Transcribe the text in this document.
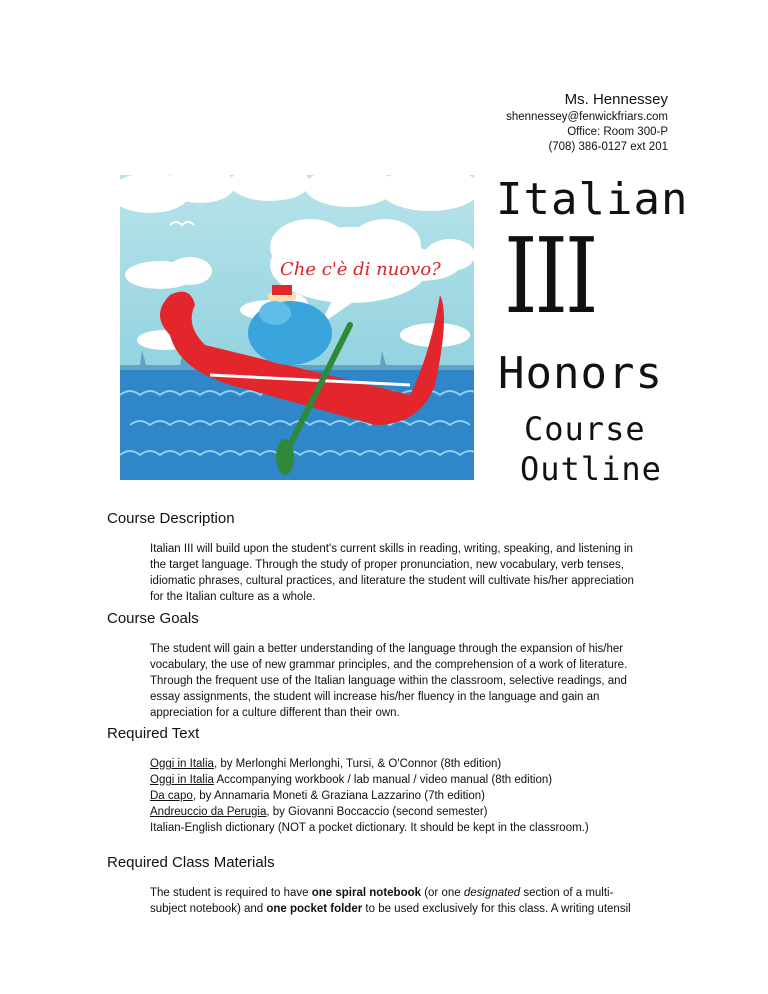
Ms. Hennessey
shennessey@fenwickfriars.com
Office: Room 300-P
(708) 386-0127 ext 201
Che c'è di nuovo?
Italian
III
Honors
Course
Outline
Course Description

Italian III will build upon the student's current skills in reading, writing, speaking, and listening in the target language. Through the study of proper pronunciation, new vocabulary, verb tenses, idiomatic phrases, cultural practices, and literature the student will cultivate his/her appreciation for the Italian culture as a whole.

Course Goals

The student will gain a better understanding of the language through the expansion of his/her vocabulary, the use of new grammar principles, and the comprehension of a work of literature. Through the frequent use of the Italian language within the classroom, selective readings, and essay assignments, the student will increase his/her fluency in the language and gain an appreciation for a culture different than their own.

Required Text

Oggi in Italia, by Merlonghi Merlonghi, Tursi, & O'Connor (8th edition)

Oggi in Italia Accompanying workbook / lab manual / video manual (8th edition)

Da capo, by Annamaria Moneti & Graziana Lazzarino (7th edition)

Andreuccio da Perugia, by Giovanni Boccaccio (second semester)

Italian-English dictionary (NOT a pocket dictionary. It should be kept in the classroom.)

Required Class Materials

The student is required to have one spiral notebook (or one designated section of a multi-subject notebook) and one pocket folder to be used exclusively for this class. A writing utensil
